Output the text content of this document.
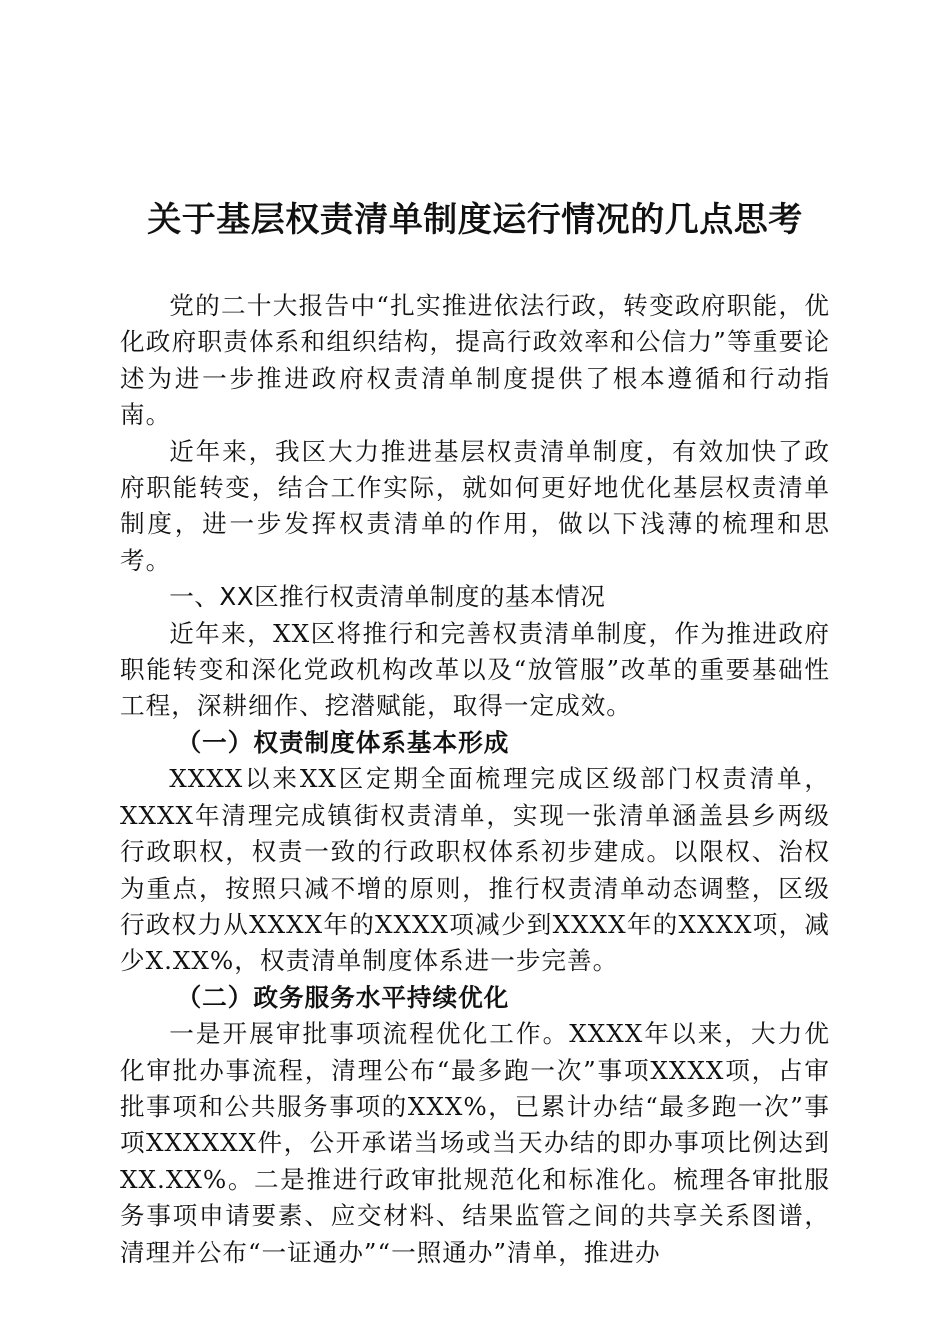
关于基层权责清单制度运行情况的几点思考

党的二十大报告中“扎实推进依法行政，转变政府职能，优化政府职责体系和组织结构，提高行政效率和公信力”等重要论述为进一步推进政府权责清单制度提供了根本遵循和行动指南。

近年来，我区大力推进基层权责清单制度，有效加快了政府职能转变，结合工作实际，就如何更好地优化基层权责清单制度，进一步发挥权责清单的作用，做以下浅薄的梳理和思考。

一、XX区推行权责清单制度的基本情况

近年来，XX区将推行和完善权责清单制度，作为推进政府职能转变和深化党政机构改革以及“放管服”改革的重要基础性工程，深耕细作、挖潜赋能，取得一定成效。

（一）权责制度体系基本形成

XXXX以来XX区定期全面梳理完成区级部门权责清单，XXXX年清理完成镇街权责清单，实现一张清单涵盖县乡两级行政职权，权责一致的行政职权体系初步建成。以限权、治权为重点，按照只减不增的原则，推行权责清单动态调整，区级行政权力从XXXX年的XXXX项减少到XXXX年的XXXX项，减少X.XX%，权责清单制度体系进一步完善。

（二）政务服务水平持续优化

一是开展审批事项流程优化工作。XXXX年以来，大力优化审批办事流程，清理公布“最多跑一次”事项XXXX项，占审批事项和公共服务事项的XXX%，已累计办结“最多跑一次”事项XXXXXX件，公开承诺当场或当天办结的即办事项比例达到XX.XX%。二是推进行政审批规范化和标准化。梳理各审批服务事项申请要素、应交材料、结果监管之间的共享关系图谱，清理并公布“一证通办”“一照通办”清单，推进办
